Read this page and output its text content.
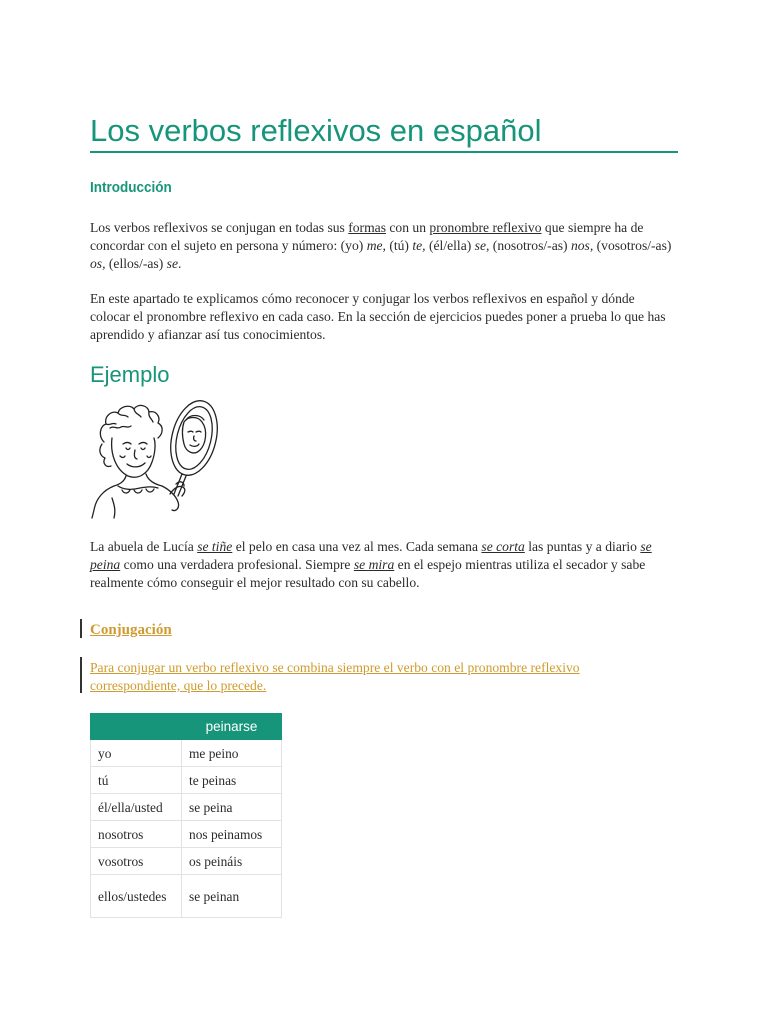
Los verbos reflexivos en español
Introducción

Los verbos reflexivos se conjugan en todas sus formas con un pronombre reflexivo que siempre ha de concordar con el sujeto en persona y número: (yo) me, (tú) te, (él/ella) se, (nosotros/-as) nos, (vosotros/-as) os, (ellos/-as) se.

En este apartado te explicamos cómo reconocer y conjugar los verbos reflexivos en español y dónde colocar el pronombre reflexivo en cada caso. En la sección de ejercicios puedes poner a prueba lo que has aprendido y afianzar así tus conocimientos.

Ejemplo

La abuela de Lucía se tiñe el pelo en casa una vez al mes. Cada semana se corta las puntas y a diario se peina como una verdadera profesional. Siempre se mira en el espejo mientras utiliza el secador y sabe realmente cómo conseguir el mejor resultado con su cabello.

Conjugación
Para conjugar un verbo reflexivo se combina siempre el verbo con el pronombre reflexivo correspondiente, que lo precede.
	peinarse
yo	me peino
tú	te peinas
él/ella/usted	se peina
nosotros	nos peinamos
vosotros	os peináis
ellos/ustedes	se peinan
